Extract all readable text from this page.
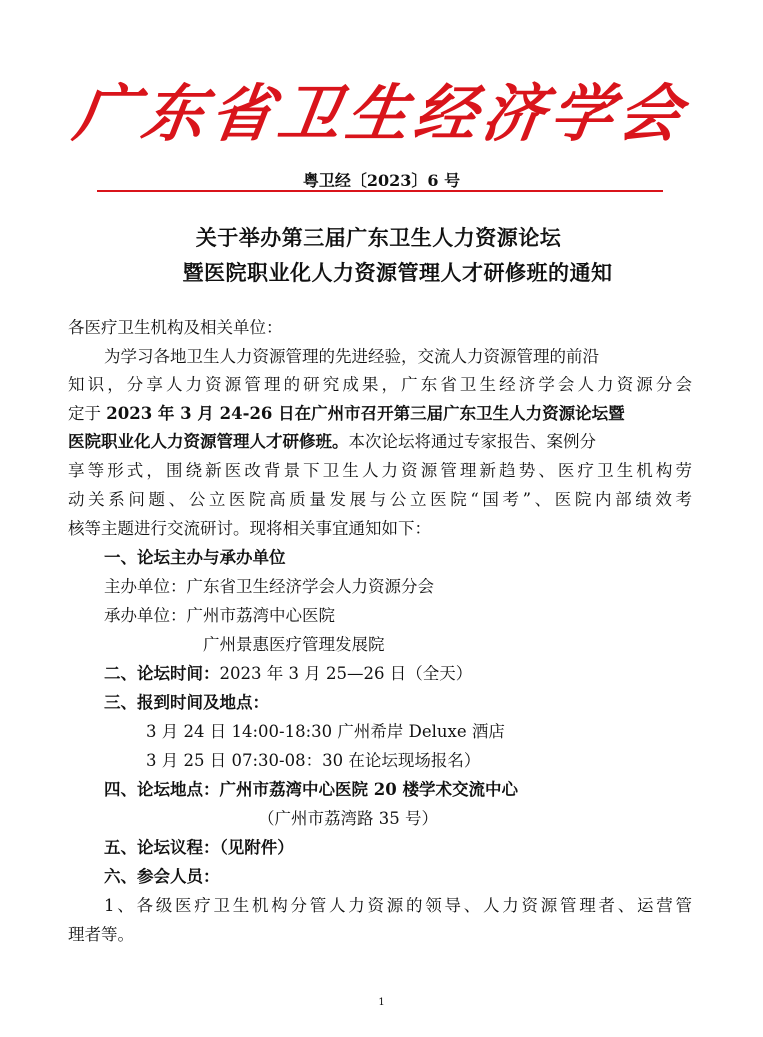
广东省卫生经济学会
粤卫经〔2023〕6 号
关于举办第三届广东卫生人力资源论坛
暨医院职业化人力资源管理人才研修班的通知
各医疗卫生机构及相关单位：
为学习各地卫生人力资源管理的先进经验，交流人力资源管理的前沿
知识，分享人力资源管理的研究成果，广东省卫生经济学会人力资源分会
定于 2023 年 3 月 24-26 日在广州市召开第三届广东卫生人力资源论坛暨
医院职业化人力资源管理人才研修班。本次论坛将通过专家报告、案例分
享等形式，围绕新医改背景下卫生人力资源管理新趋势、医疗卫生机构劳
动关系问题、公立医院高质量发展与公立医院“国考”、医院内部绩效考
核等主题进行交流研讨。现将相关事宜通知如下：
一、论坛主办与承办单位
主办单位：广东省卫生经济学会人力资源分会
承办单位：广州市荔湾中心医院
广州景惠医疗管理发展院
二、论坛时间：2023 年 3 月 25—26 日（全天）
三、报到时间及地点：
3 月 24 日 14:00-18:30 广州希岸 Deluxe 酒店
3 月 25 日 07:30-08：30 在论坛现场报名）
四、论坛地点：广州市荔湾中心医院 20 楼学术交流中心
（广州市荔湾路 35 号）
五、论坛议程：（见附件）
六、参会人员：
1、各级医疗卫生机构分管人力资源的领导、人力资源管理者、运营管
理者等。
1
